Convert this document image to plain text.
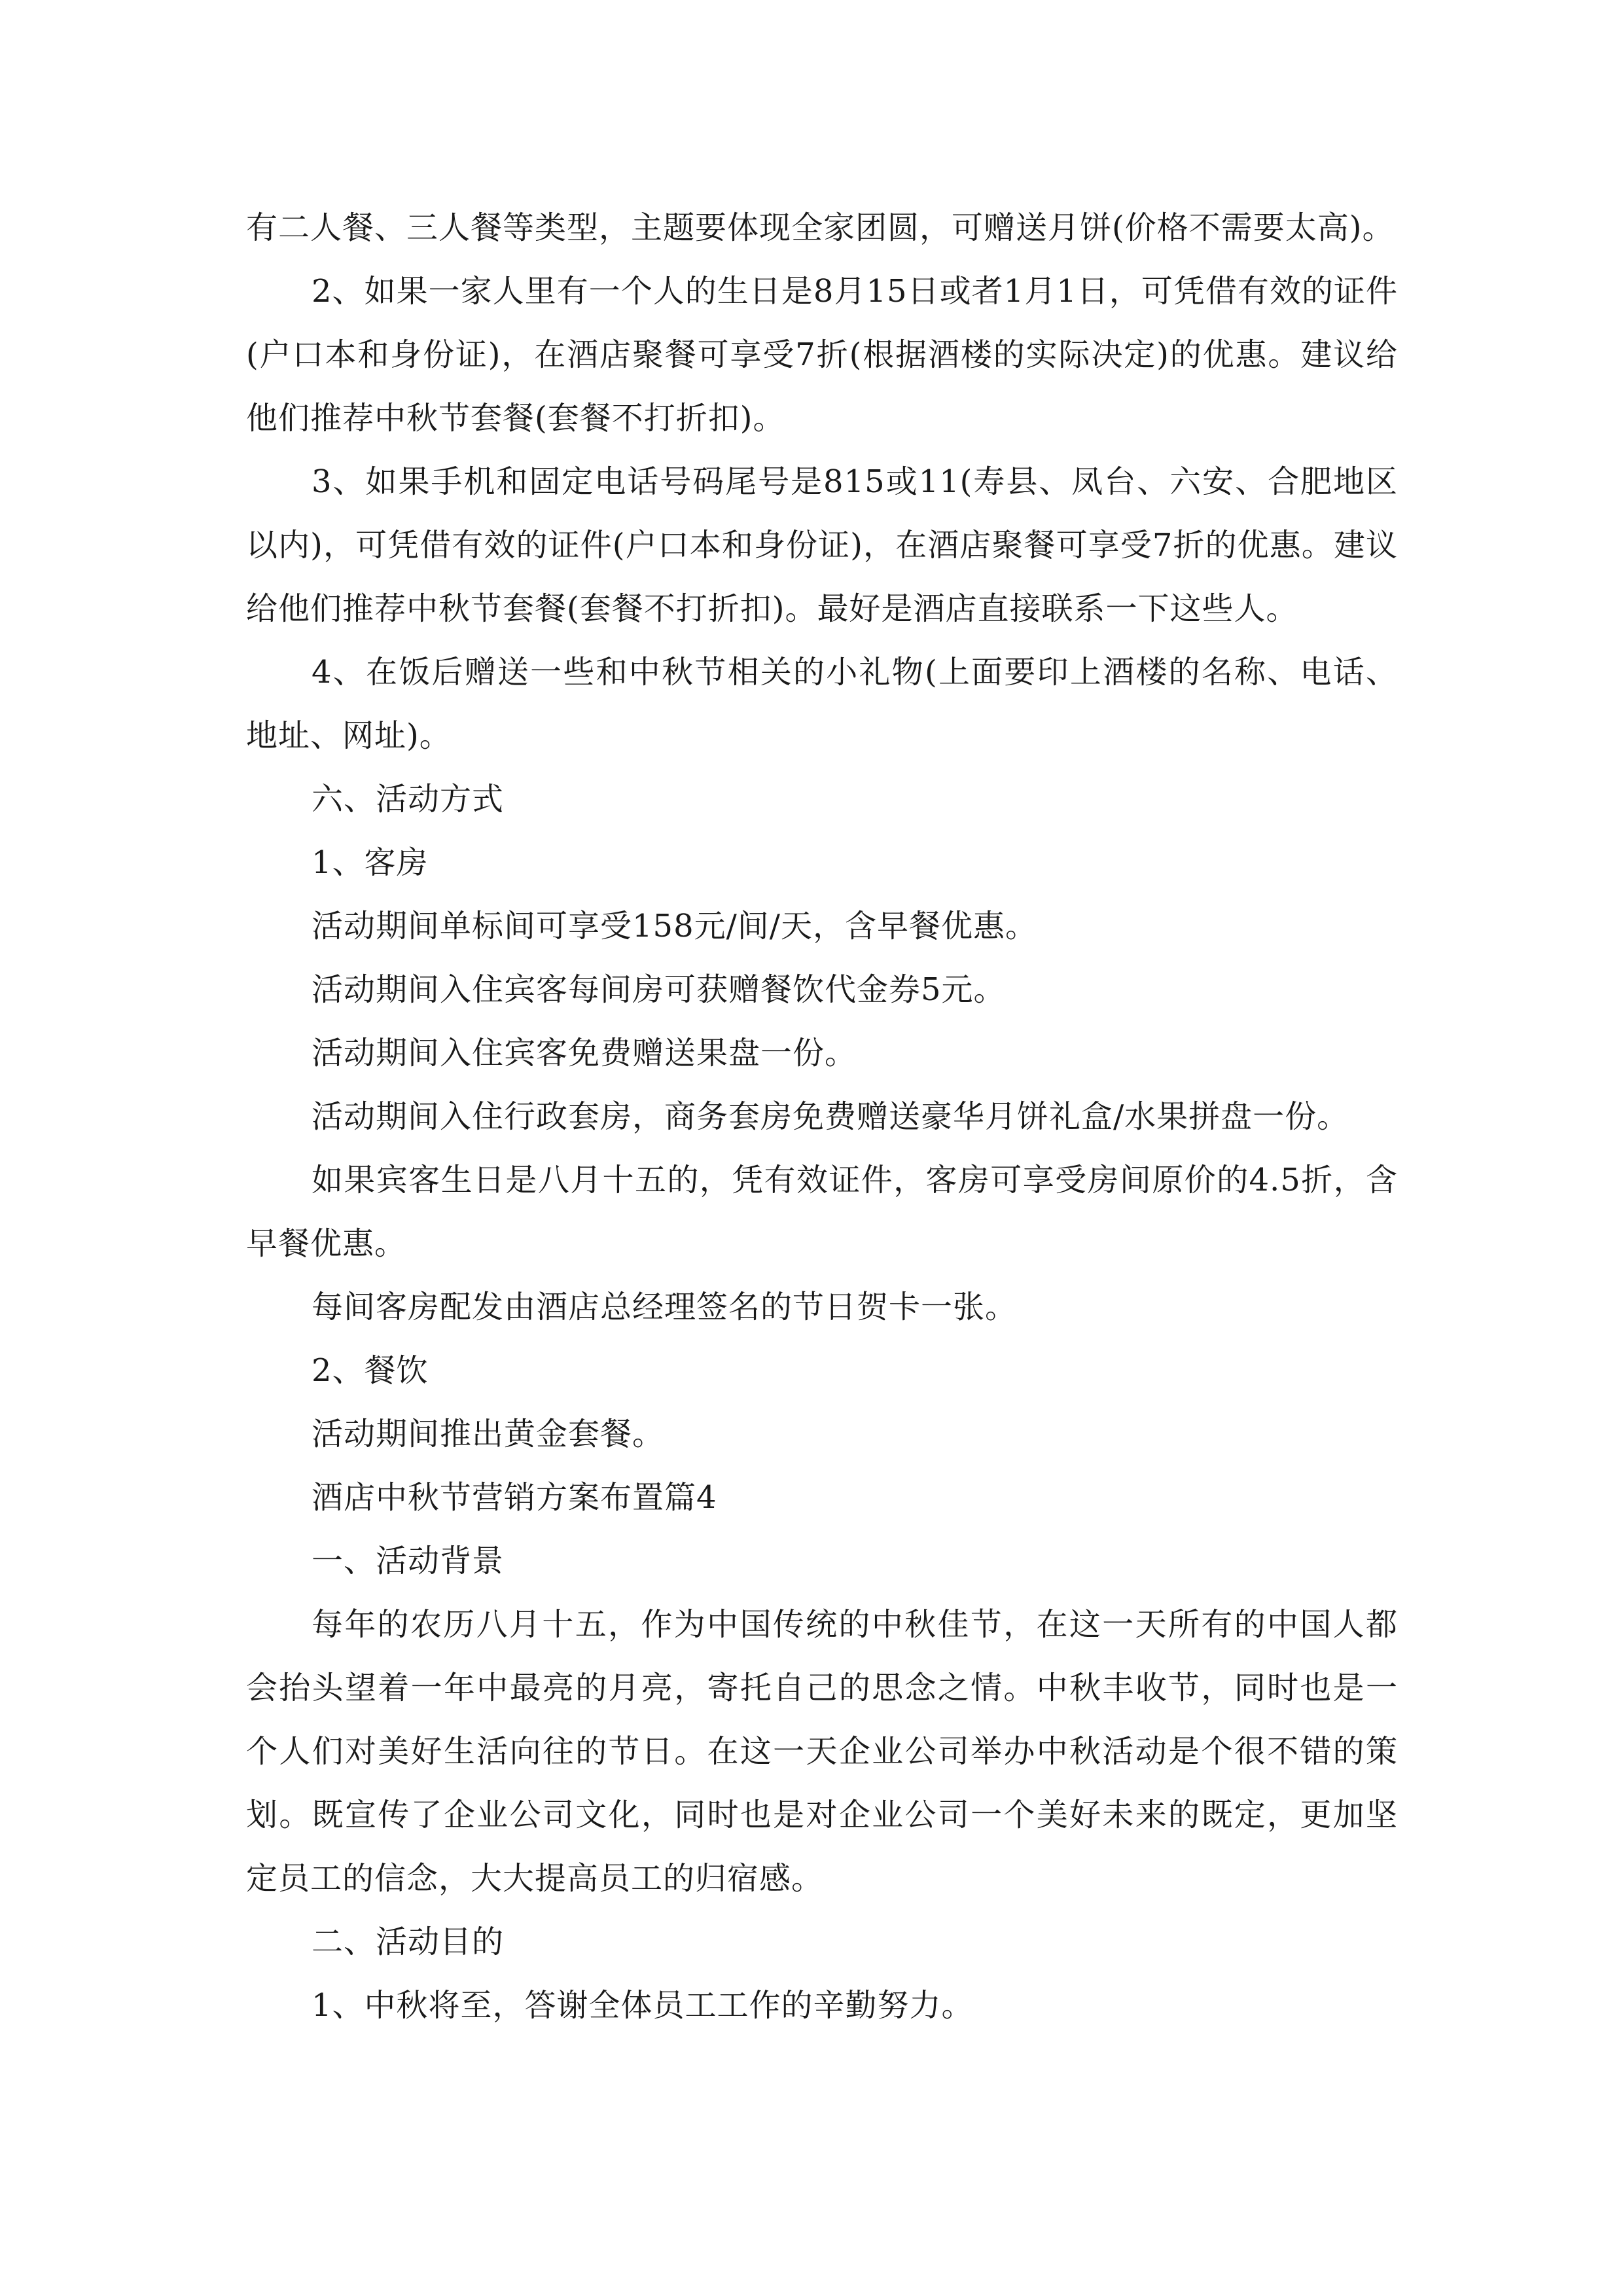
有二人餐、三人餐等类型，主题要体现全家团圆，可赠送月饼(价格不需要太高)。

2、如果一家人里有一个人的生日是8月15日或者1月1日，可凭借有效的证件(户口本和身份证)，在酒店聚餐可享受7折(根据酒楼的实际决定)的优惠。建议给他们推荐中秋节套餐(套餐不打折扣)。

3、如果手机和固定电话号码尾号是815或11(寿县、凤台、六安、合肥地区以内)，可凭借有效的证件(户口本和身份证)，在酒店聚餐可享受7折的优惠。建议给他们推荐中秋节套餐(套餐不打折扣)。最好是酒店直接联系一下这些人。

4、在饭后赠送一些和中秋节相关的小礼物(上面要印上酒楼的名称、电话、地址、网址)。

六、活动方式

1、客房

活动期间单标间可享受158元/间/天，含早餐优惠。

活动期间入住宾客每间房可获赠餐饮代金券5元。

活动期间入住宾客免费赠送果盘一份。

活动期间入住行政套房，商务套房免费赠送豪华月饼礼盒/水果拼盘一份。

如果宾客生日是八月十五的，凭有效证件，客房可享受房间原价的4.5折，含早餐优惠。

每间客房配发由酒店总经理签名的节日贺卡一张。

2、餐饮

活动期间推出黄金套餐。

酒店中秋节营销方案布置篇4

一、活动背景

每年的农历八月十五，作为中国传统的中秋佳节，在这一天所有的中国人都会抬头望着一年中最亮的月亮，寄托自己的思念之情。中秋丰收节，同时也是一个人们对美好生活向往的节日。在这一天企业公司举办中秋活动是个很不错的策划。既宣传了企业公司文化，同时也是对企业公司一个美好未来的既定，更加坚定员工的信念，大大提高员工的归宿感。

二、活动目的

1、中秋将至，答谢全体员工工作的辛勤努力。
